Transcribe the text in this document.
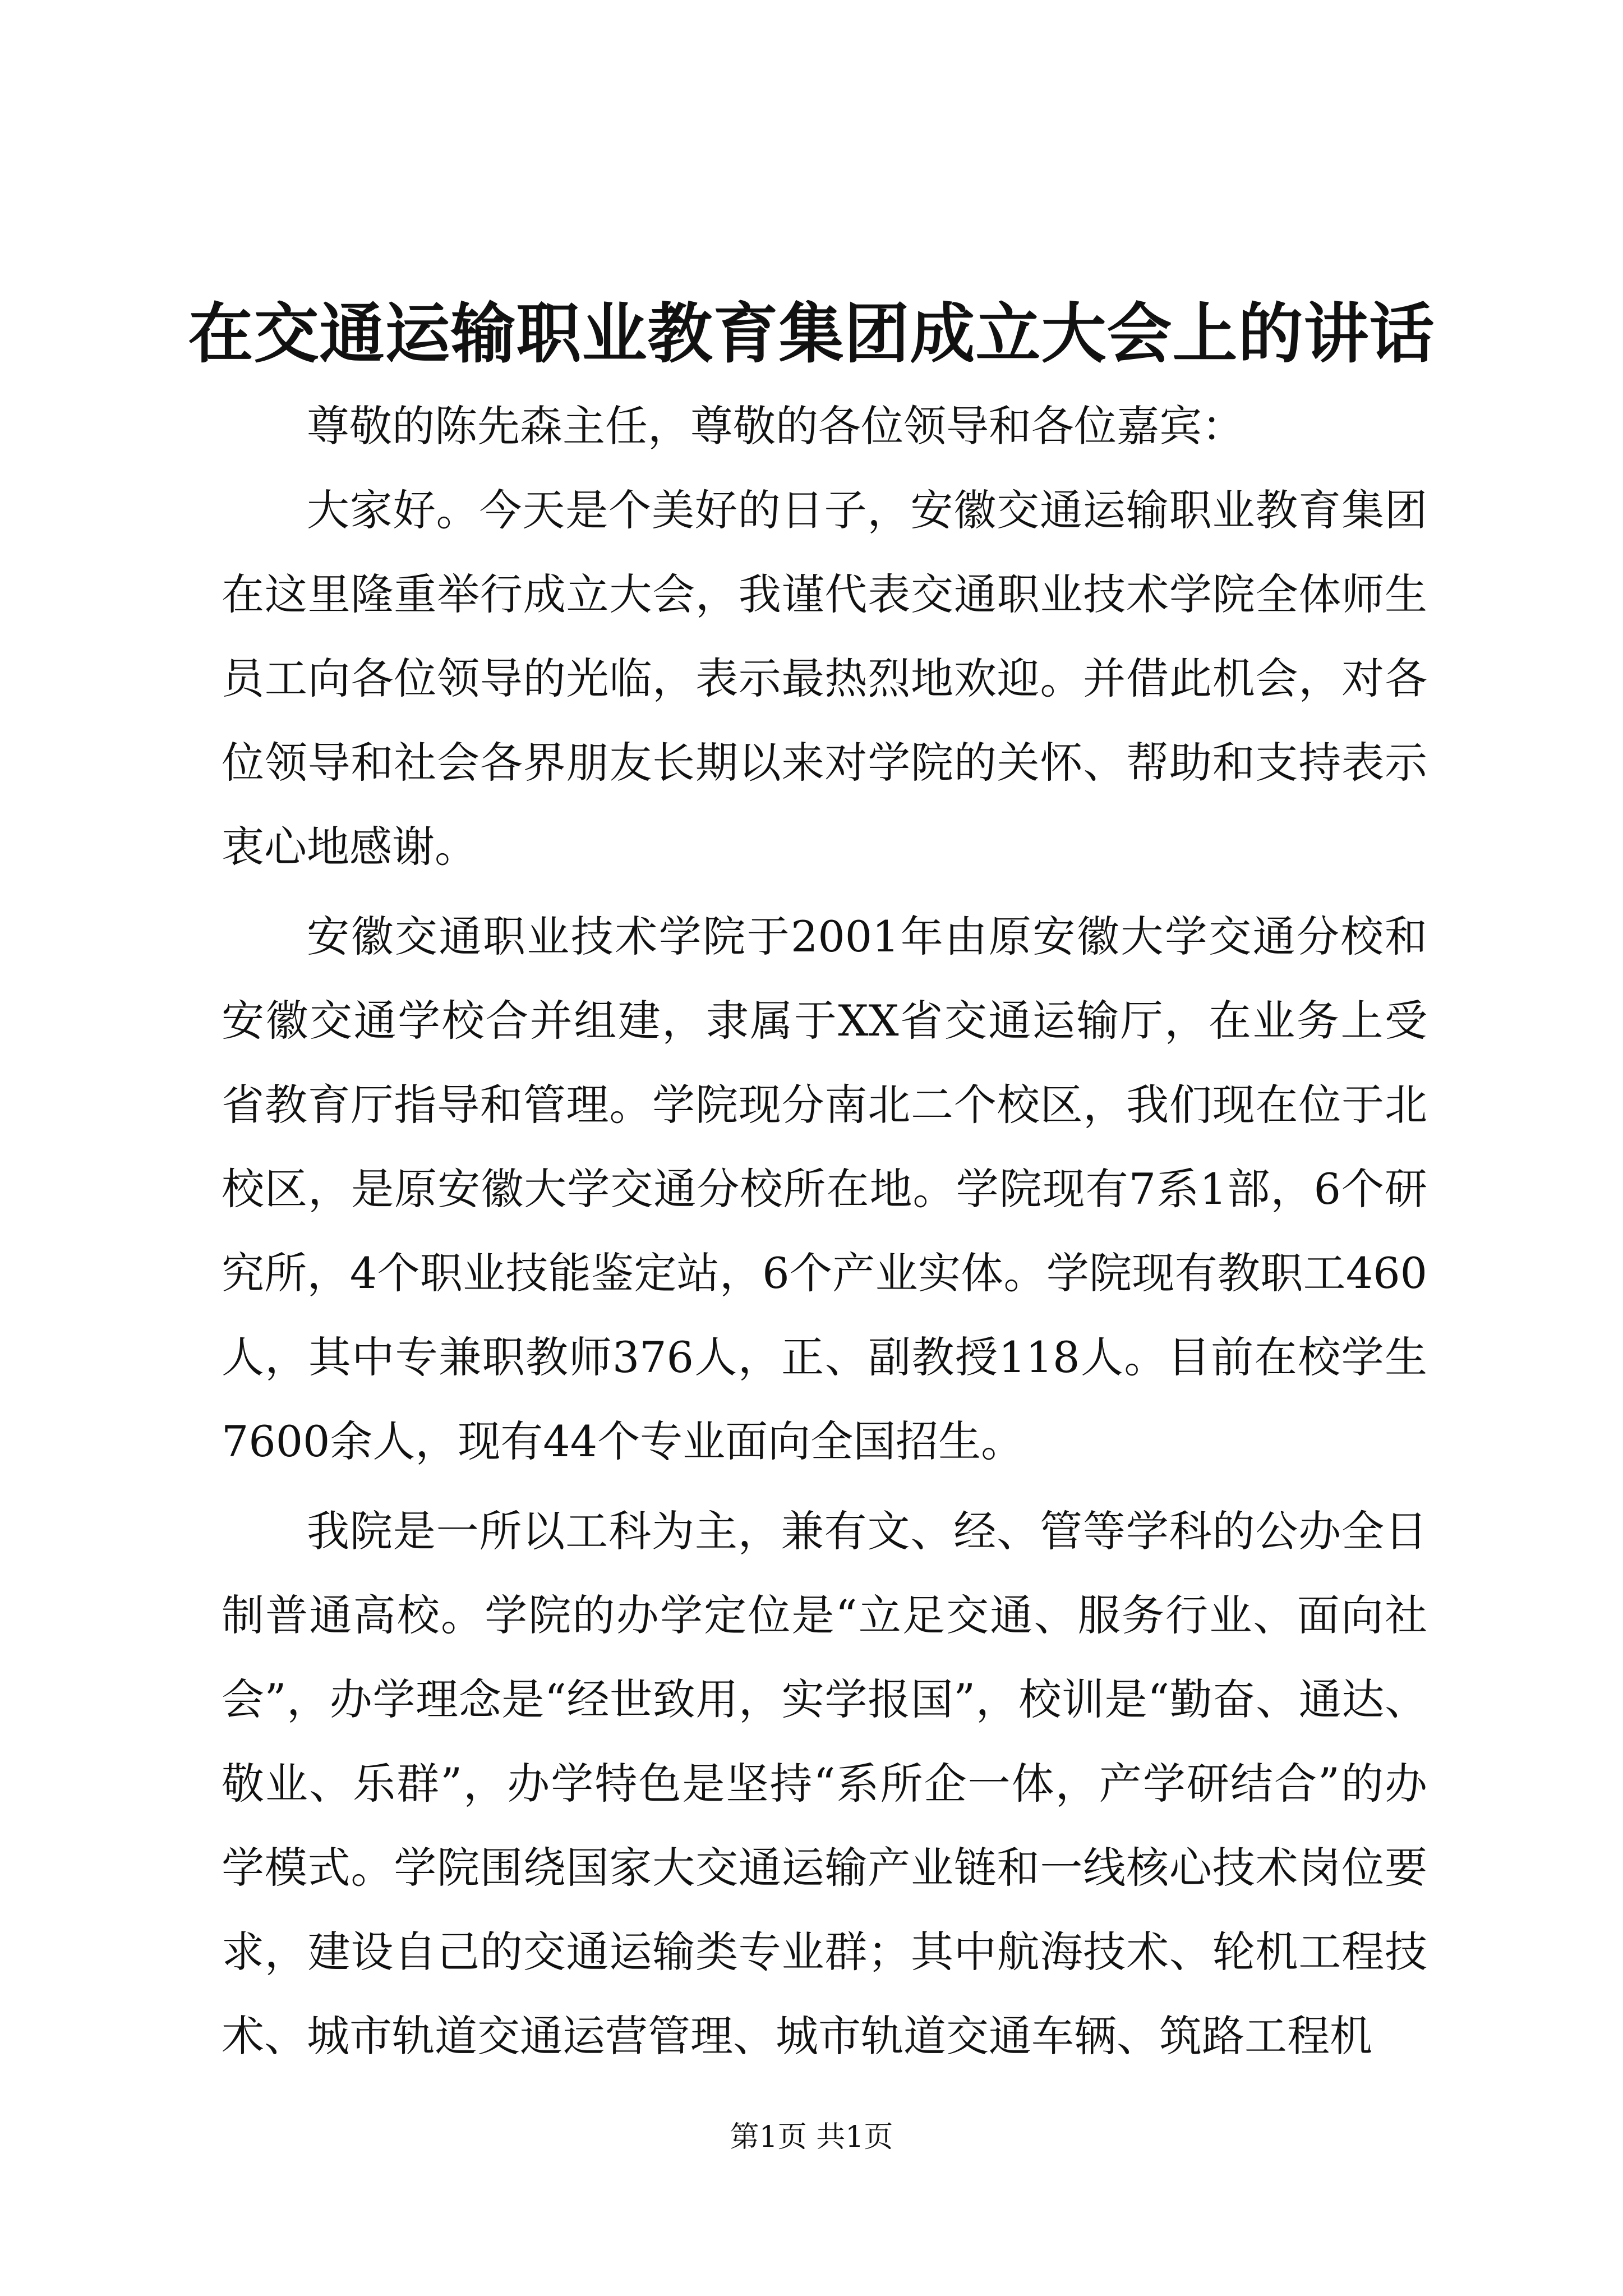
在交通运输职业教育集团成立大会上的讲话

尊敬的陈先森主任，尊敬的各位领导和各位嘉宾：

大家好。今天是个美好的日子，安徽交通运输职业教育集团在这里隆重举行成立大会，我谨代表交通职业技术学院全体师生员工向各位领导的光临，表示最热烈地欢迎。并借此机会，对各位领导和社会各界朋友长期以来对学院的关怀、帮助和支持表示衷心地感谢。

安徽交通职业技术学院于2001年由原安徽大学交通分校和安徽交通学校合并组建，隶属于XX省交通运输厅，在业务上受省教育厅指导和管理。学院现分南北二个校区，我们现在位于北校区，是原安徽大学交通分校所在地。学院现有7系1部，6个研究所，4个职业技能鉴定站，6个产业实体。学院现有教职工460人，其中专兼职教师376人，正、副教授118人。目前在校学生7600余人，现有44个专业面向全国招生。

我院是一所以工科为主，兼有文、经、管等学科的公办全日制普通高校。学院的办学定位是“立足交通、服务行业、面向社会”，办学理念是“经世致用，实学报国”，校训是“勤奋、通达、敬业、乐群”，办学特色是坚持“系所企一体，产学研结合”的办学模式。学院围绕国家大交通运输产业链和一线核心技术岗位要求，建设自己的交通运输类专业群；其中航海技术、轮机工程技术、城市轨道交通运营管理、城市轨道交通车辆、筑路工程机

第1页 共1页
